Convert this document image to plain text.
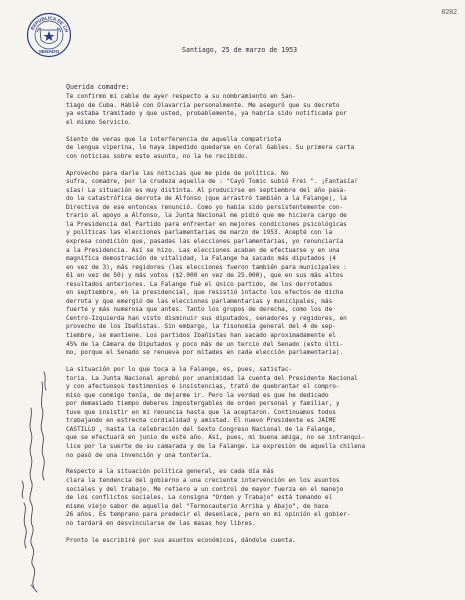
REPUBLICA DE CH
SENADO
8282
Santiago, 25 de marzo de 1953
Querida comadre:
Te confirmo mi cable de ayer respecto a su nombramiento en San-
tiago de Cuba. Hablé con Olavarría personalmente. Me aseguró que su decreto
ya estaba tramitado y que usted, probablemente, ya habría sido notificada por
el mismo Servicio.
Siento de veras que la interferencia de aquella compatriota
de lengua viperina, le haya impedido quedarse en Coral Gables. Su primera carta
con noticias sobre este asunto, no la he recibido.
Aprovecho para darle las noticias que me pide de política. No
sufra, comadre, por la crudeza aquella de : "Cayó Tomic subió Frei ". ¡Fantasía!
sías! La situación es muy distinta. Al producirse en septiembre del año pasa-
do la catastrófica derrota de Alfonso (que arrastró también a la Falange), la
Directiva de ese entonces renunció. Como yo había sido persistentemente con-
trario al apoyo a Alfonso, la Junta Nacional me pidió que me hiciera cargo de
la Presidencia del Partido para enfrentar en mejores condiciones psicológicas
y políticas las elecciones parlamentarias de marzo de 1953. Acepté con la
expresa condición que, pasadas las elecciones parlamentarias, yo renunciaría
a la Presidencia. Así se hizo. Las elecciones acaban de efectuarse y en una
magnífica demostración de vitalidad, la Falange ha sacado más diputados (4
en vez de 3), más regidores (las elecciones fueron también para municipales :
61 en vez de 50) y más votos ($2.000 en vez de 25.000), que en sus más altos
resultados anteriores. La Falange fué el único partido, de los derrotados
en septiembre, en la presidencial, que resistió intacto los efectos de dicha
derrota y que emergió de las elecciones parlamentarias y municipales, más
fuerte y más numerosa que antes. Tanto los grupos de derecha, como los de
Centro-Izquierda han visto disminuir sus diputados, senadores y regidores, en
provecho de los Ibañistas. Sin embargo, la fisonomía general del 4 de sep-
tiembre, se mantiene. Los partidos Ibañistas han sacado aproximadamente el
45% de la Cámara de Diputados y poco más de un tercio del Senado (esto últi-
mo, porque el Senado se renueva por mitades en cada elección parlamentaria).
La situación por lo que toca a la Falange, es, pues, satisfac-
toria. La Junta Nacional aprobó por unanimidad la cuenta del Presidente Nacional
y con afectuosos testimonios e insistencias, trató de quebrantar el compro-
miso que conmigo tenía, de dejarme ir. Pero la verdad es que he dedicado
por demasiado tiempo deberes impostergables de orden personal y familiar, y
tuve que insistir en mi renuncia hasta que la aceptaron. Continuamos todos
trabajando en estrecha cordialidad y amistad. El nuevo Presidente es JAIME
CASTILLO , hasta la celebración del Sexto Congreso Nacional de la Falange,
que se efectuará en junio de este año. Así, pues, mi buena amiga, no se intranqui-
lice por la suerte de su camarada y de la Falange. La expresión de aquella chilena
no pasó de una invención y una tontería.
Respecto a la situación política general, es cada día más
clara la tendencia del gobierno a una creciente intervención en los asuntos
sociales y del trabajo. Me refiero a un control de mayor fuerza en el manejo
de los conflictos sociales. La consigna "Orden y Trabajo" está tomando el
mismo viejo sabor de aquella del "Termocauterio Arriba y Abajo", de hace
26 años. Es temprano para predecir el desenlace, pero en mi opinión el gobier-
no tardará en desvincularse de las masas hoy libres.
Pronto le escribiré por sus asuntos económicos, dándole cuenta.
